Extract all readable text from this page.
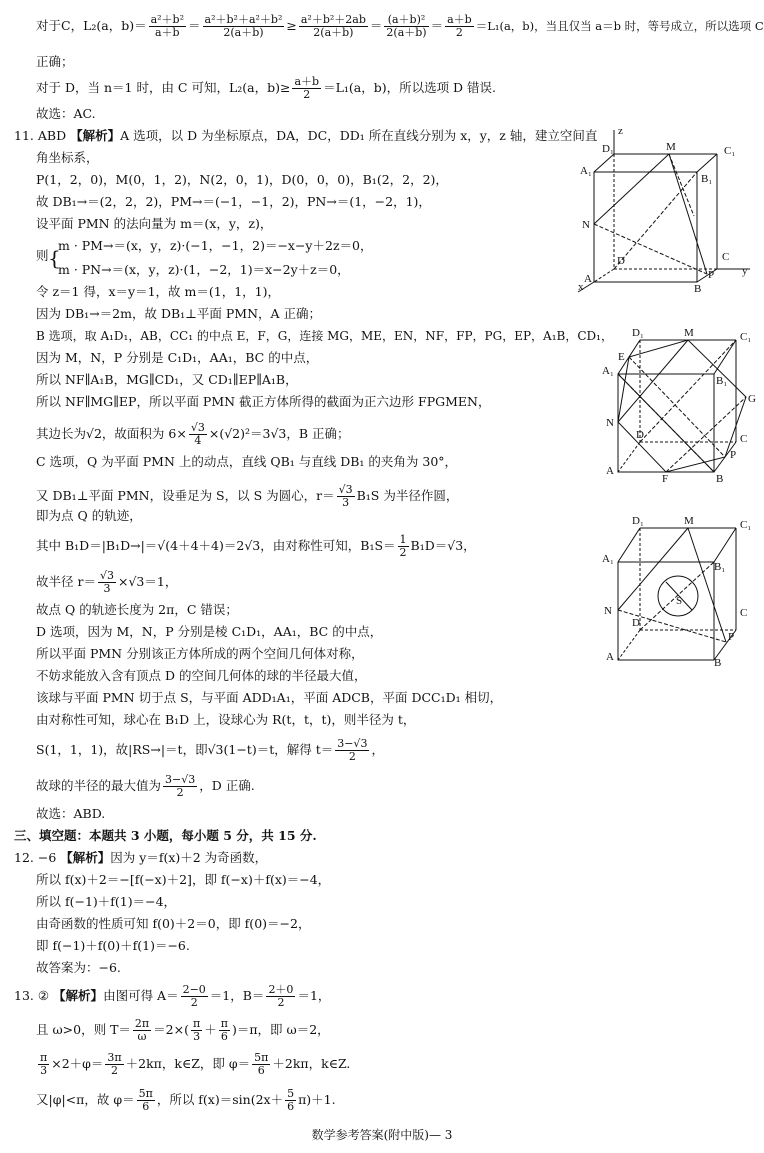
对于C，L₂(a，$b)= \frac{\text{a²＋b²}}{a+b} = \frac{\text{a²＋b²＋a²＋b²}}{2(a+b)} \ge \frac{\text{a²＋b²＋2ab}}{2(a+b)} = \frac{\text{(a＋b)²}}{2(a+b)} = \frac{a+b}{2} =L_1(a$，b)，当且仅当 a＝b 时，等号成立，所以选项 C
正确；
对于 D，当 n＝1 时，由 C 可知，L₂(a，$b)\ge \frac{a+b}{2} =L_1(a$，b)，所以选项 D 错误.
故选：AC.
11. ABD 【解析】A 选项，以 D 为坐标原点，DA，DC，DD₁ 所在直线分别为 x，y，z 轴，建立空间直
角坐标系，
P(1，2，0)，M(0，1，2)，N(2，0，1)，D(0，0，0)，B₁(2，2，2)，
故 DB₁→＝(2，2，2)，PM→＝(−1，−1，2)，PN→＝(1，−2，1)，
设平面 PMN 的法向量为 m＝(x，y，z)，
则 {
m · PM→＝(x，y，z)·(−1，−1，2)＝−x−y＋2z＝0，
m · PN→＝(x，y，z)·(1，−2，1)＝x−2y＋z＝0，
令 z＝1 得，x＝y＝1，故 m＝(1，1，1)，
因为 DB₁→＝2m，故 DB₁⊥平面 PMN，A 正确；
B 选项，取 A₁D₁，AB，CC₁ 的中点 E，F，G，连接 MG，ME，EN，NF，FP，PG，EP，A₁B，CD₁，
因为 M，N，P 分别是 C₁D₁，AA₁，BC 的中点，
所以 NF∥A₁B，MG∥CD₁，又 CD₁∥EP∥A₁B，
所以 NF∥MG∥EP，所以平面 PMN 截正方体所得的截面为正六边形 FPGMEN，
其边长为√2，故面积为 $6\times \frac{√3}{4} \times(√2)^2=3√3$，B 正确；
C 选项，Q 为平面 PMN 上的动点，直线 QB₁ 与直线 DB₁ 的夹角为 30°，
又 DB₁⊥平面 PMN，设垂足为 S，以 S 为圆心，$r= \frac{√3}{3} B_1S$ 为半径作圆，
即为点 Q 的轨迹，
其中 B₁D＝|B₁D→|＝√(4＋4＋4)＝2√3，由对称性可知，$B_1S= \frac{1}{2} B_1D=√3$，
故半径 $r= \frac{√3}{3} \times√3=1$，
故点 Q 的轨迹长度为 2π，C 错误；
D 选项，因为 M，N，P 分别是棱 C₁D₁，AA₁，BC 的中点，
所以平面 PMN 分别该正方体所成的两个空间几何体对称，
不妨求能放入含有顶点 D 的空间几何体的球的半径最大值，
该球与平面 PMN 切于点 S，与平面 ADD₁A₁，平面 ADCB，平面 DCC₁D₁ 相切，
由对称性可知，球心在 B₁D 上，设球心为 R(t，t，t)，则半径为 t，
S(1，1，1)，故|RS→|＝t，即√3(1−t)＝t，解得 $t= \frac{3-√3}{2}$ ，
故球的半径的最大值为 $\frac{3-√3}{2}$ ，D 正确.
故选：ABD.
三、填空题：本题共 3 小题，每小题 5 分，共 15 分.
12. −6 【解析】因为 y＝f(x)＋2 为奇函数，
所以 f(x)＋2＝−[f(−x)＋2]，即 f(−x)＋f(x)＝−4，
所以 f(−1)＋f(1)＝−4，
由奇函数的性质可知 f(0)＋2＝0，即 f(0)＝−2，
即 f(−1)＋f(0)＋f(1)＝−6.
故答案为：−6.
13. ② 【解析】由图可得 $A= \frac{2-0}{2} =1$，$B= \frac{2+0}{2} =1$，
且 ω>0，则 $T= \frac{2\pi}{\omega} =2\times( \frac{\pi}{3} + \frac{\pi}{6} )=\pi$，即 ω＝2，
$\frac{\pi}{3} \times 2+\varphi= \frac{3\pi}{2} +2k\pi$，k∈Z，即 $\varphi= \frac{5\pi}{6} +2k\pi$，k∈Z.
又|φ|<π，故 $\varphi= \frac{5\pi}{6}$ ，所以 $f(x)=\sin(2x+ \frac{5}{6} \pi)+1$.
数学参考答案(附中版)— 3
z
D₁	M	C₁
A₁
B₁
N
D	C
A
B
P
x
y
D₁	M	C₁
E
A₁
B₁
G
N
D	C
A
F	B
P
D₁	M	C₁
A₁
B₁
S
N
D
C
A	B
P
